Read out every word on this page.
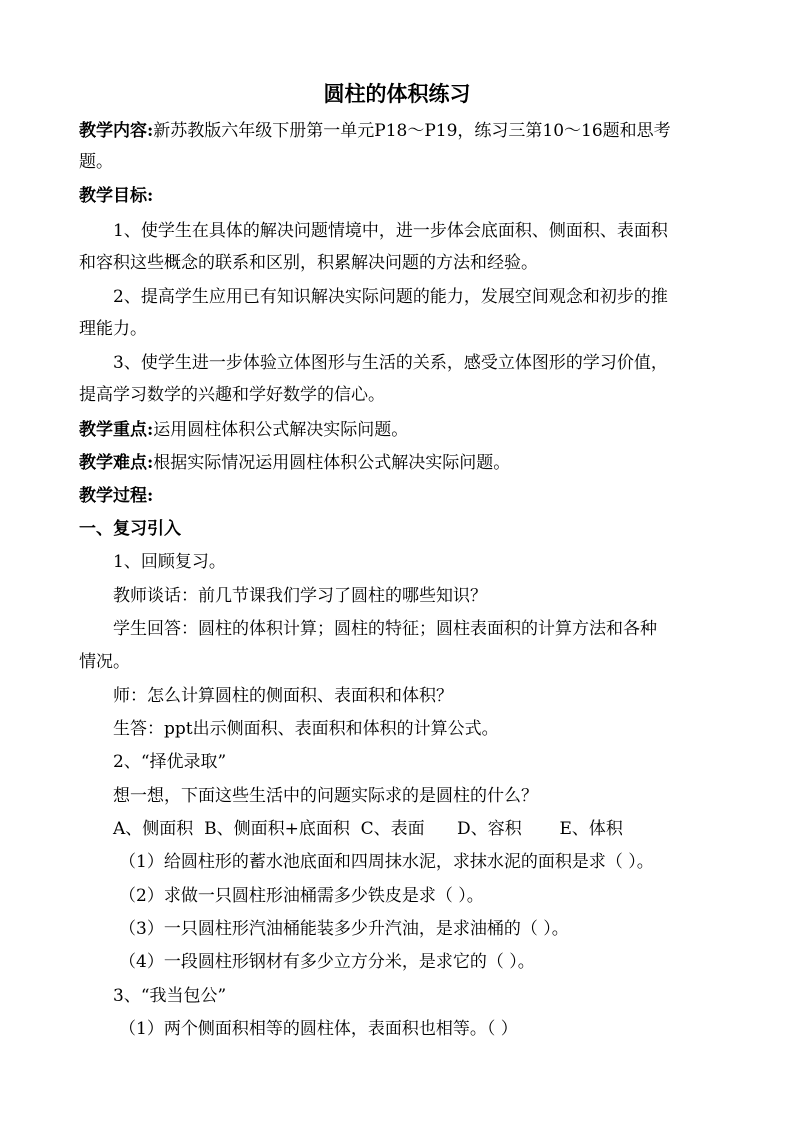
圆柱的体积练习
教学内容:新苏教版六年级下册第一单元P18～P19，练习三第10～16题和思考
题。
教学目标:
1、使学生在具体的解决问题情境中，进一步体会底面积、侧面积、表面积
和容积这些概念的联系和区别，积累解决问题的方法和经验。
2、提高学生应用已有知识解决实际问题的能力，发展空间观念和初步的推
理能力。
3、使学生进一步体验立体图形与生活的关系，感受立体图形的学习价值，
提高学习数学的兴趣和学好数学的信心。
教学重点:运用圆柱体积公式解决实际问题。
教学难点:根据实际情况运用圆柱体积公式解决实际问题。
教学过程:
一、复习引入
1、回顾复习。
教师谈话：前几节课我们学习了圆柱的哪些知识？
学生回答：圆柱的体积计算；圆柱的特征；圆柱表面积的计算方法和各种
情况。
师：怎么计算圆柱的侧面积、表面积和体积？
生答：ppt出示侧面积、表面积和体积的计算公式。
2、“择优录取”
想一想，下面这些生活中的问题实际求的是圆柱的什么？
A、侧面积  B、侧面积+底面积  C、表面      D、容积       E、体积
（1）给圆柱形的蓄水池底面和四周抹水泥，求抹水泥的面积是求（ ）。
（2）求做一只圆柱形油桶需多少铁皮是求（ ）。
（3）一只圆柱形汽油桶能装多少升汽油，是求油桶的（ ）。
（4）一段圆柱形钢材有多少立方分米，是求它的（ ）。
3、“我当包公”
（1）两个侧面积相等的圆柱体，表面积也相等。（ ）
